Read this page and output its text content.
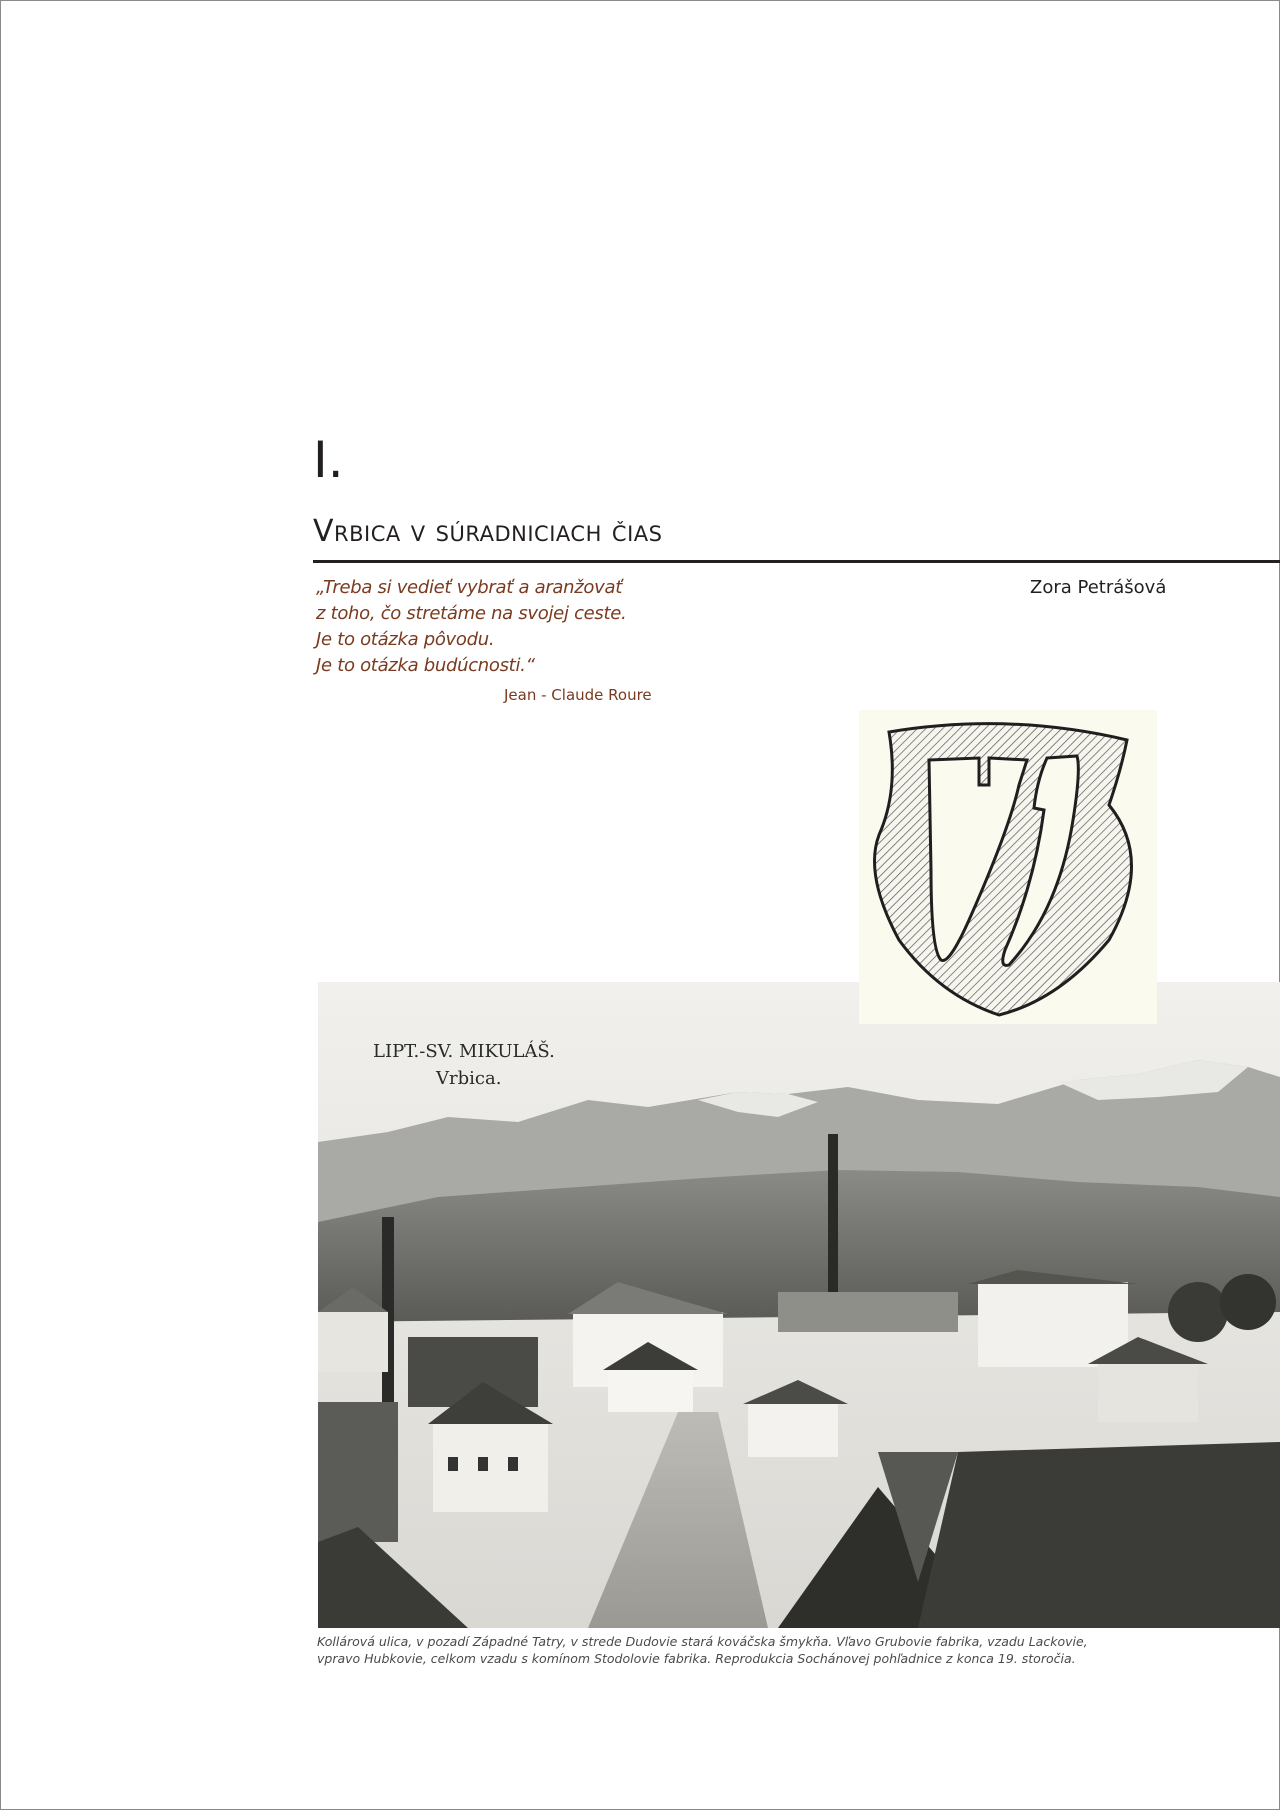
I.
Vrbica v súradniciach čias
„Treba si vedieť vybrať a aranžovať
z toho, čo stretáme na svojej ceste.
Je to otázka pôvodu.
Je to otázka budúcnosti.“
Jean - Claude Roure
Zora Petrášová
LIPT.-SV. MIKULÁŠ.
Vrbica.
Kollárová ulica, v pozadí Západné Tatry, v strede Dudovie stará kováčska šmykňa. Vľavo Grubovie fabrika, vzadu Lackovie,
vpravo Hubkovie, celkom vzadu s komínom Stodolovie fabrika. Reprodukcia Sochánovej pohľadnice z konca 19. storočia.
